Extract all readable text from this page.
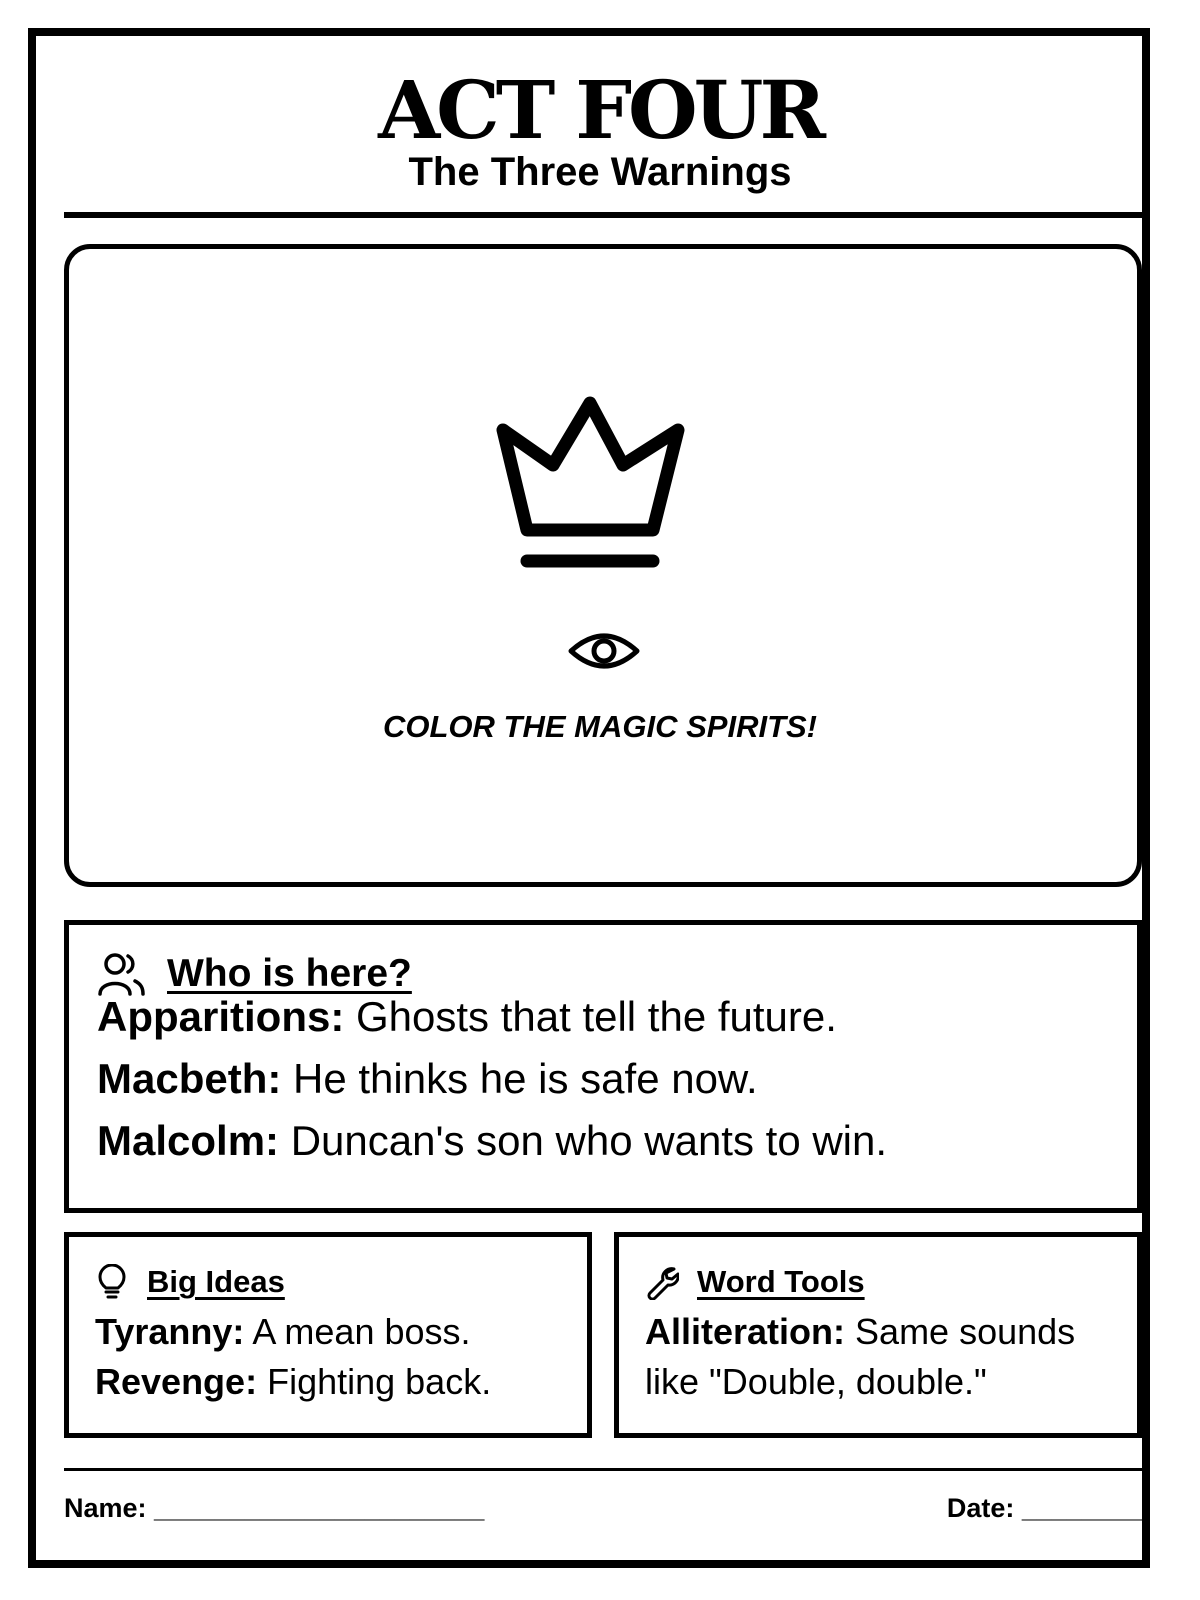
ACT FOUR
The Three Warnings
COLOR THE MAGIC SPIRITS!
Who is here?
Apparitions: Ghosts that tell the future.
Macbeth: He thinks he is safe now.
Malcolm: Duncan's son who wants to win.
Big Ideas
Tyranny: A mean boss.
Revenge: Fighting back.
Word Tools
Alliteration: Same sounds
like "Double, double."
Name: ______________________	Date: ________
